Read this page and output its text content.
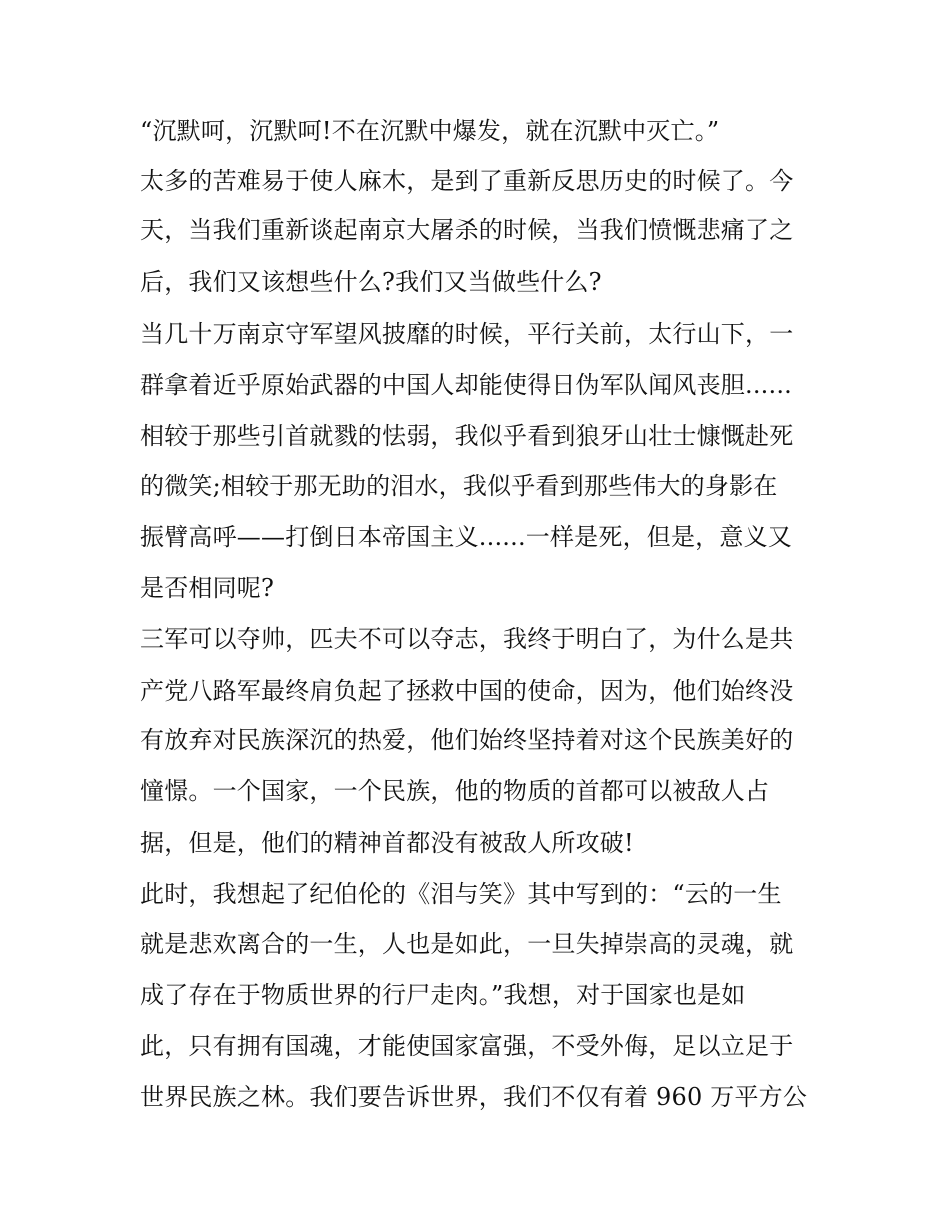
“沉默呵，沉默呵!不在沉默中爆发，就在沉默中灭亡。”
太多的苦难易于使人麻木，是到了重新反思历史的时候了。今
天，当我们重新谈起南京大屠杀的时候，当我们愤慨悲痛了之
后，我们又该想些什么?我们又当做些什么?
当几十万南京守军望风披靡的时候，平行关前，太行山下，一
群拿着近乎原始武器的中国人却能使得日伪军队闻风丧胆......
相较于那些引首就戮的怯弱，我似乎看到狼牙山壮士慷慨赴死
的微笑;相较于那无助的泪水，我似乎看到那些伟大的身影在
振臂高呼——打倒日本帝国主义......一样是死，但是，意义又
是否相同呢?
三军可以夺帅，匹夫不可以夺志，我终于明白了，为什么是共
产党八路军最终肩负起了拯救中国的使命，因为，他们始终没
有放弃对民族深沉的热爱，他们始终坚持着对这个民族美好的
憧憬。一个国家，一个民族，他的物质的首都可以被敌人占
据，但是，他们的精神首都没有被敌人所攻破!
此时，我想起了纪伯伦的《泪与笑》其中写到的：“云的一生
就是悲欢离合的一生，人也是如此，一旦失掉崇高的灵魂，就
成了存在于物质世界的行尸走肉。”我想，对于国家也是如
此，只有拥有国魂，才能使国家富强，不受外侮，足以立足于
世界民族之林。我们要告诉世界，我们不仅有着 960 万平方公
